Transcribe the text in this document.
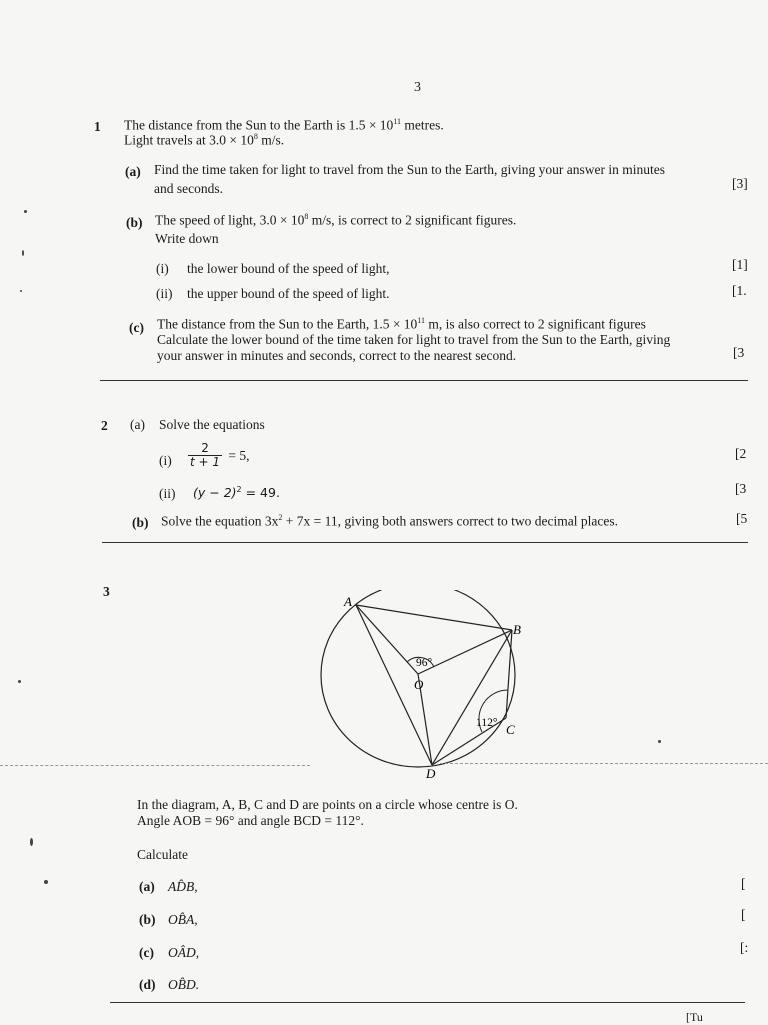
3
1 The distance from the Sun to the Earth is $1.5 \times 10^{11}$ metres.
Light travels at $3.0 \times 10^8$ m/s.
(a) Find the time taken for light to travel from the Sun to the Earth, giving your answer in minutes
and seconds.	[3]
(b) The speed of light, $3.0 \times 10^8$ m/s, is correct to 2 significant figures.
Write down
(i) the lower bound of the speed of light,	[1]
(ii) the upper bound of the speed of light.	[1.
(c) The distance from the Sun to the Earth, $1.5 \times 10^{11}$ m, is also correct to 2 significant figures
Calculate the lower bound of the time taken for light to travel from the Sun to the Earth, giving
your answer in minutes and seconds, correct to the nearest second.	[3
2 (a) Solve the equations
$(i) \frac{2}{t + 1} = 5$,	[2
(ii) $(y - 2)^2 = 49$.	[3
(b) Solve the equation $3x^2 + 7x = 11$, giving both answers correct to two decimal places.	[5
3
A
B
C
D
O
96°
112°
In the diagram, A, B, C and D are points on a circle whose centre is O.
Angle AOB = 96° and angle BCD = 112°.
Calculate
(a) AD̂B,	[
(b) OB̂A,	[
(c) OÂD,	[:
(d) OB̂D.
[Tu
